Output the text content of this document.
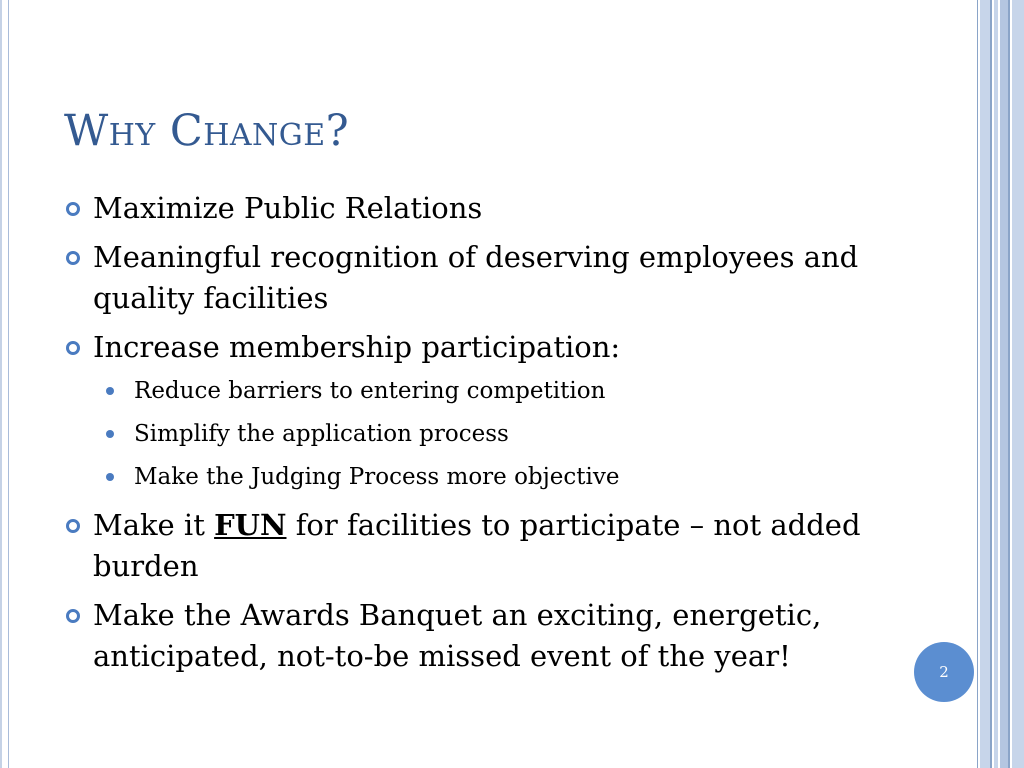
Why Change?
Maximize Public Relations
Meaningful recognition of deserving employees and quality facilities
Increase membership participation:
Reduce barriers to entering competition
Simplify the application process
Make the Judging Process more objective
Make it FUN for facilities to participate – not added burden
Make the Awards Banquet an exciting, energetic, anticipated, not-to-be missed event of the year!	2
